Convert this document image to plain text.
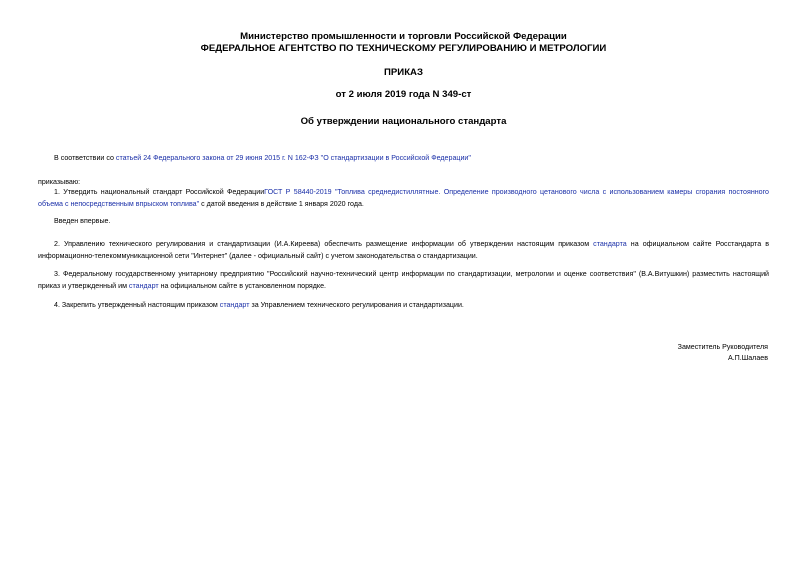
Министерство промышленности и торговли Российской Федерации
ФЕДЕРАЛЬНОЕ АГЕНТСТВО ПО ТЕХНИЧЕСКОМУ РЕГУЛИРОВАНИЮ И МЕТРОЛОГИИ
ПРИКАЗ
от 2 июля 2019 года N 349-ст
Об утверждении национального стандарта
В соответствии со статьей 24 Федерального закона от 29 июня 2015 г. N 162-ФЗ "О стандартизации в Российской Федерации"
приказываю:
1. Утвердить национальный стандарт Российской ФедерацииГОСТ Р 58440-2019 "Топлива среднедистиллятные. Определение производного цетанового числа с использованием камеры сгорания постоянного объема с непосредственным впрыском топлива" с датой введения в действие 1 января 2020 года.
Введен впервые.
2. Управлению технического регулирования и стандартизации (И.А.Киреева) обеспечить размещение информации об утверждении настоящим приказом стандарта на официальном сайте Росстандарта в информационно-телекоммуникационной сети "Интернет" (далее - официальный сайт) с учетом законодательства о стандартизации.
3. Федеральному государственному унитарному предприятию "Российский научно-технический центр информации по стандартизации, метрологии и оценке соответствия" (В.А.Витушкин) разместить настоящий приказ и утвержденный им стандарт на официальном сайте в установленном порядке.
4. Закрепить утвержденный настоящим приказом стандарт за Управлением технического регулирования и стандартизации.
Заместитель Руководителя
А.П.Шалаев
